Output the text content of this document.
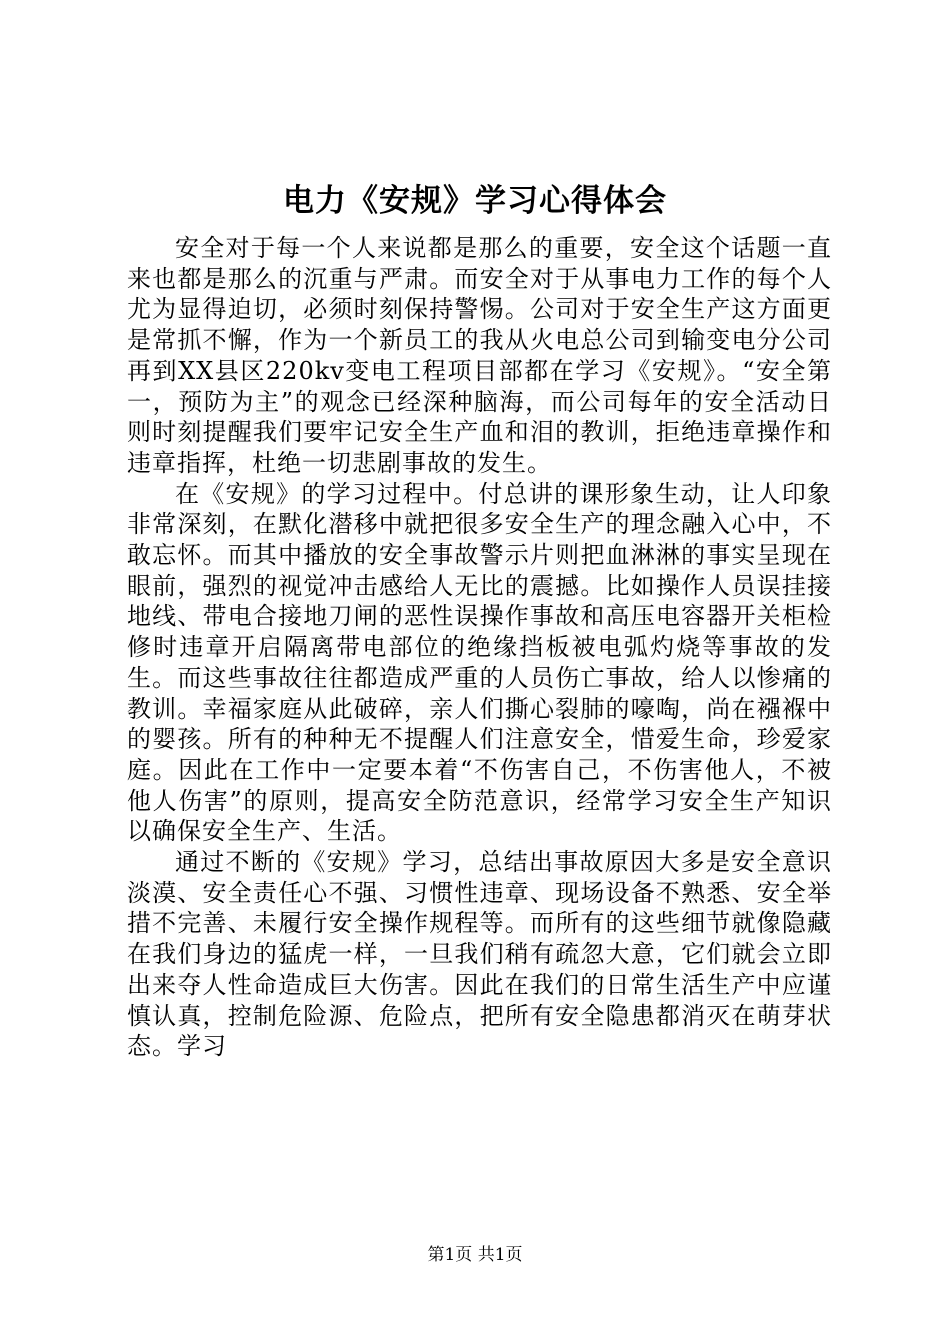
电力《安规》学习心得体会

安全对于每一个人来说都是那么的重要，安全这个话题一直来也都是那么的沉重与严肃。而安全对于从事电力工作的每个人尤为显得迫切，必须时刻保持警惕。公司对于安全生产这方面更是常抓不懈，作为一个新员工的我从火电总公司到输变电分公司再到XX县区220kv变电工程项目部都在学习《安规》。“安全第一，预防为主”的观念已经深种脑海，而公司每年的安全活动日则时刻提醒我们要牢记安全生产血和泪的教训，拒绝违章操作和违章指挥，杜绝一切悲剧事故的发生。

在《安规》的学习过程中。付总讲的课形象生动，让人印象非常深刻，在默化潜移中就把很多安全生产的理念融入心中，不敢忘怀。而其中播放的安全事故警示片则把血淋淋的事实呈现在眼前，强烈的视觉冲击感给人无比的震撼。比如操作人员误挂接地线、带电合接地刀闸的恶性误操作事故和高压电容器开关柜检修时违章开启隔离带电部位的绝缘挡板被电弧灼烧等事故的发生。而这些事故往往都造成严重的人员伤亡事故，给人以惨痛的教训。幸福家庭从此破碎，亲人们撕心裂肺的嚎啕，尚在襁褓中的婴孩。所有的种种无不提醒人们注意安全，惜爱生命，珍爱家庭。因此在工作中一定要本着“不伤害自己，不伤害他人，不被他人伤害”的原则，提高安全防范意识，经常学习安全生产知识以确保安全生产、生活。

通过不断的《安规》学习，总结出事故原因大多是安全意识淡漠、安全责任心不强、习惯性违章、现场设备不熟悉、安全举措不完善、未履行安全操作规程等。而所有的这些细节就像隐藏在我们身边的猛虎一样，一旦我们稍有疏忽大意，它们就会立即出来夺人性命造成巨大伤害。因此在我们的日常生活生产中应谨慎认真，控制危险源、危险点，把所有安全隐患都消灭在萌芽状态。学习

第1页 共1页
